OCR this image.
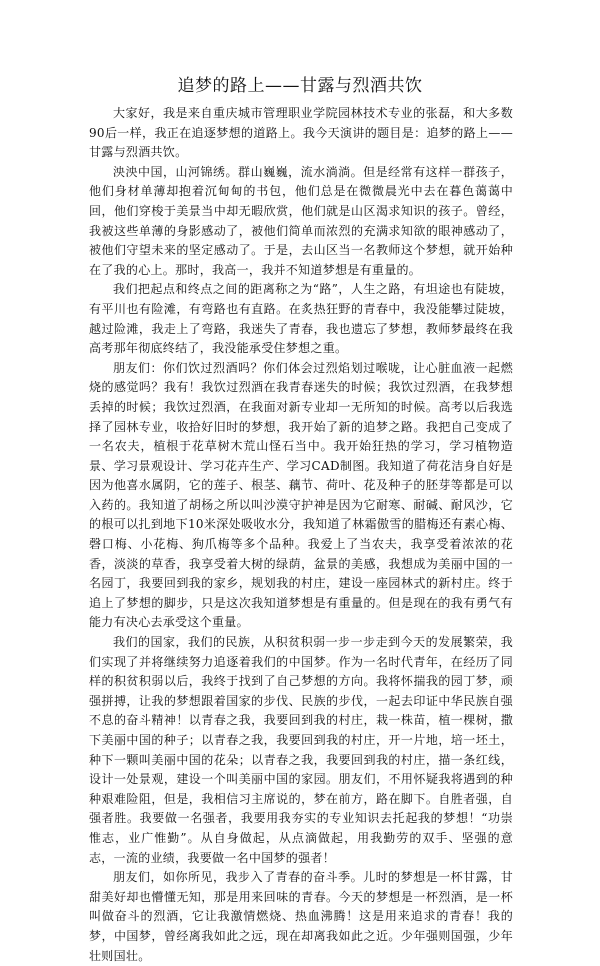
追梦的路上——甘露与烈酒共饮

大家好，我是来自重庆城市管理职业学院园林技术专业的张磊，和大多数90后一样，我正在追逐梦想的道路上。我今天演讲的题目是：追梦的路上——甘露与烈酒共饮。

泱泱中国，山河锦绣。群山巍巍，流水淌淌。但是经常有这样一群孩子，他们身材单薄却抱着沉甸甸的书包，他们总是在微微晨光中去在暮色蔼蔼中回，他们穿梭于美景当中却无暇欣赏，他们就是山区渴求知识的孩子。曾经，我被这些单薄的身影感动了，被他们简单而浓烈的充满求知欲的眼神感动了，被他们守望未来的坚定感动了。于是，去山区当一名教师这个梦想，就开始种在了我的心上。那时，我高一，我并不知道梦想是有重量的。

我们把起点和终点之间的距离称之为“路”，人生之路，有坦途也有陡坡，有平川也有险滩，有弯路也有直路。在炙热狂野的青春中，我没能攀过陡坡，越过险滩，我走上了弯路，我迷失了青春，我也遗忘了梦想，教师梦最终在我高考那年彻底终结了，我没能承受住梦想之重。

朋友们：你们饮过烈酒吗？你们体会过烈焰划过喉咙，让心脏血液一起燃烧的感觉吗？我有！我饮过烈酒在我青春迷失的时候；我饮过烈酒，在我梦想丢掉的时候；我饮过烈酒，在我面对新专业却一无所知的时候。高考以后我选择了园林专业，收拾好旧时的梦想，我开始了新的追梦之路。我把自己变成了一名农夫，植根于花草树木荒山怪石当中。我开始狂热的学习，学习植物造景、学习景观设计、学习花卉生产、学习CAD制图。我知道了荷花洁身自好是因为他喜水属阴，它的莲子、根茎、藕节、荷叶、花及种子的胚芽等都是可以入药的。我知道了胡杨之所以叫沙漠守护神是因为它耐寒、耐碱、耐风沙，它的根可以扎到地下10米深处吸收水分，我知道了林霜傲雪的腊梅还有素心梅、磬口梅、小花梅、狗爪梅等多个品种。我爱上了当农夫，我享受着浓浓的花香，淡淡的草香，我享受着大树的绿荫，盆景的美感，我想成为美丽中国的一名园丁，我要回到我的家乡，规划我的村庄，建设一座园林式的新村庄。终于追上了梦想的脚步，只是这次我知道梦想是有重量的。但是现在的我有勇气有能力有决心去承受这个重量。

我们的国家，我们的民族，从积贫积弱一步一步走到今天的发展繁荣，我们实现了并将继续努力追逐着我们的中国梦。作为一名时代青年，在经历了同样的积贫积弱以后，我终于找到了自己梦想的方向。我将怀揣我的园丁梦，顽强拼搏，让我的梦想跟着国家的步伐、民族的步伐，一起去印证中华民族自强不息的奋斗精神！以青春之我，我要回到我的村庄，栽一株苗，植一棵树，撒下美丽中国的种子；以青春之我，我要回到我的村庄，开一片地，培一坯土，种下一颗叫美丽中国的花朵；以青春之我，我要回到我的村庄，描一条红线，设计一处景观，建设一个叫美丽中国的家园。朋友们，不用怀疑我将遇到的种种艰难险阻，但是，我相信习主席说的，梦在前方，路在脚下。自胜者强，自强者胜。我要做一名强者，我要用我夯实的专业知识去托起我的梦想！“功崇惟志，业广惟勤”。从自身做起，从点滴做起，用我勤劳的双手、坚强的意志，一流的业绩，我要做一名中国梦的强者！

朋友们，如你所见，我步入了青春的奋斗季。儿时的梦想是一杯甘露，甘甜美好却也懵懂无知，那是用来回味的青春。今天的梦想是一杯烈酒，是一杯叫做奋斗的烈酒，它让我激情燃烧、热血沸腾！这是用来追求的青春！我的梦，中国梦，曾经离我如此之远，现在却离我如此之近。少年强则国强，少年壮则国壮。
